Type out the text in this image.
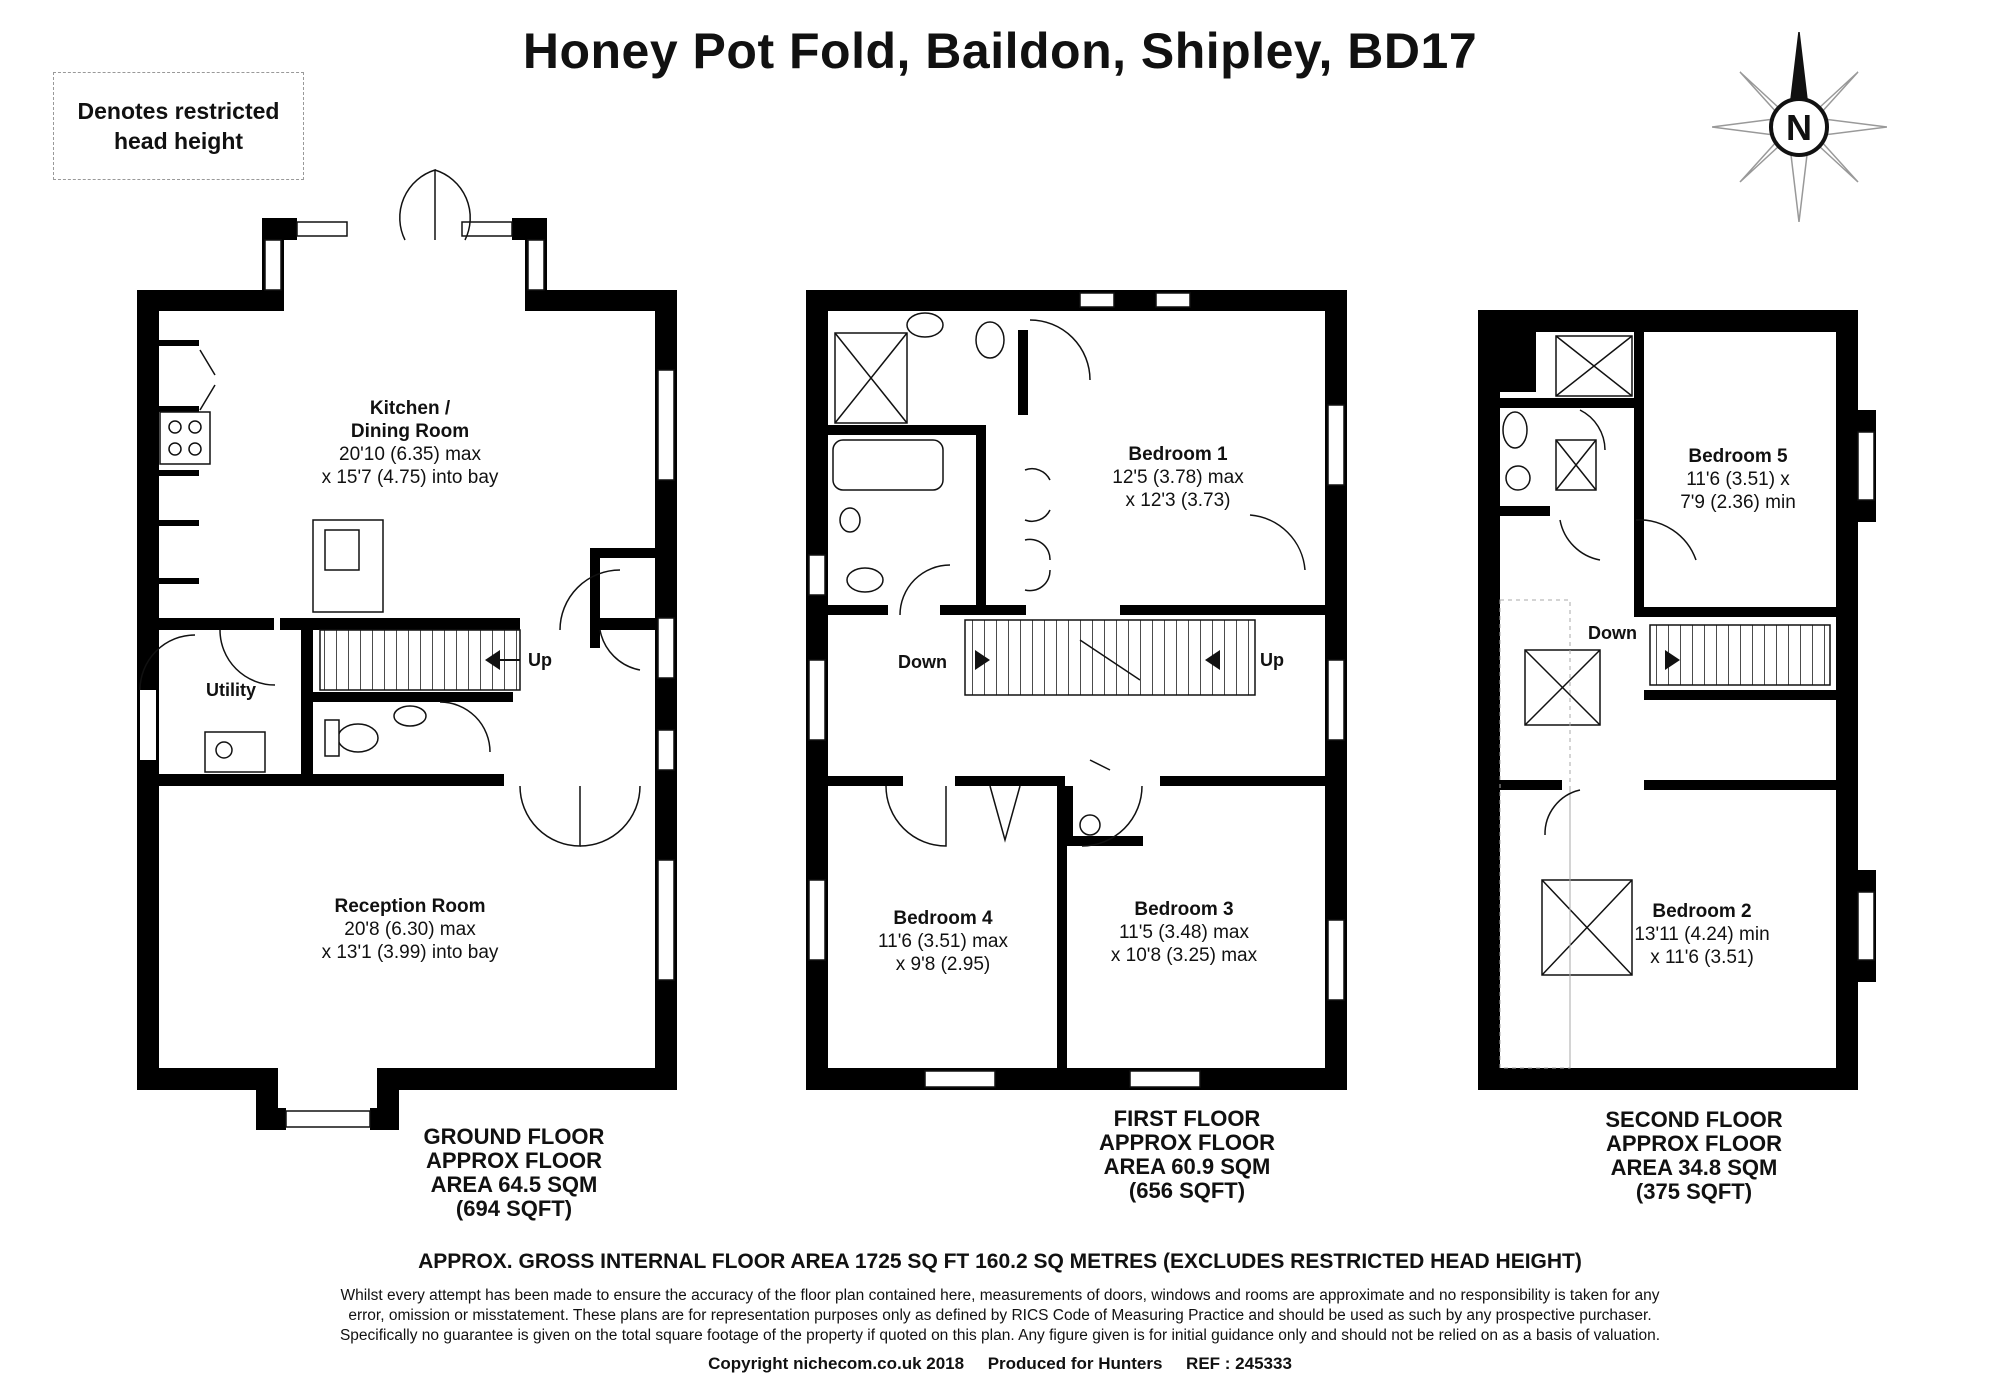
Honey Pot Fold, Baildon, Shipley, BD17
Denotes restricted
head height	N
Kitchen /
Dining Room
20'10 (6.35) max
x 15'7 (4.75) into bay
Utility
Reception Room
20'8 (6.30) max
x 13'1 (3.99) into bay
Up
GROUND FLOOR
APPROX FLOOR
AREA 64.5 SQM
(694 SQFT)
Bedroom 1
12'5 (3.78) max
x 12'3 (3.73)
Bedroom 4
11'6 (3.51) max
x 9'8 (2.95)
Bedroom 3
11'5 (3.48) max
x 10'8 (3.25) max
Down	Up
FIRST FLOOR
APPROX FLOOR
AREA 60.9 SQM
(656 SQFT)
Bedroom 5
11'6 (3.51) x
7'9 (2.36) min
Bedroom 2
13'11 (4.24) min
x 11'6 (3.51)
Down
SECOND FLOOR
APPROX FLOOR
AREA 34.8 SQM
(375 SQFT)
APPROX. GROSS INTERNAL FLOOR AREA 1725 SQ FT 160.2 SQ METRES (EXCLUDES RESTRICTED HEAD HEIGHT)
Whilst every attempt has been made to ensure the accuracy of the floor plan contained here, measurements of doors, windows and rooms are approximate and no responsibility is taken for any
error, omission or misstatement. These plans are for representation purposes only as defined by RICS Code of Measuring Practice and should be used as such by any prospective purchaser.
Specifically no guarantee is given on the total square footage of the property if quoted on this plan. Any figure given is for initial guidance only and should not be relied on as a basis of valuation.
Copyright nichecom.co.uk 2018     Produced for Hunters     REF : 245333
